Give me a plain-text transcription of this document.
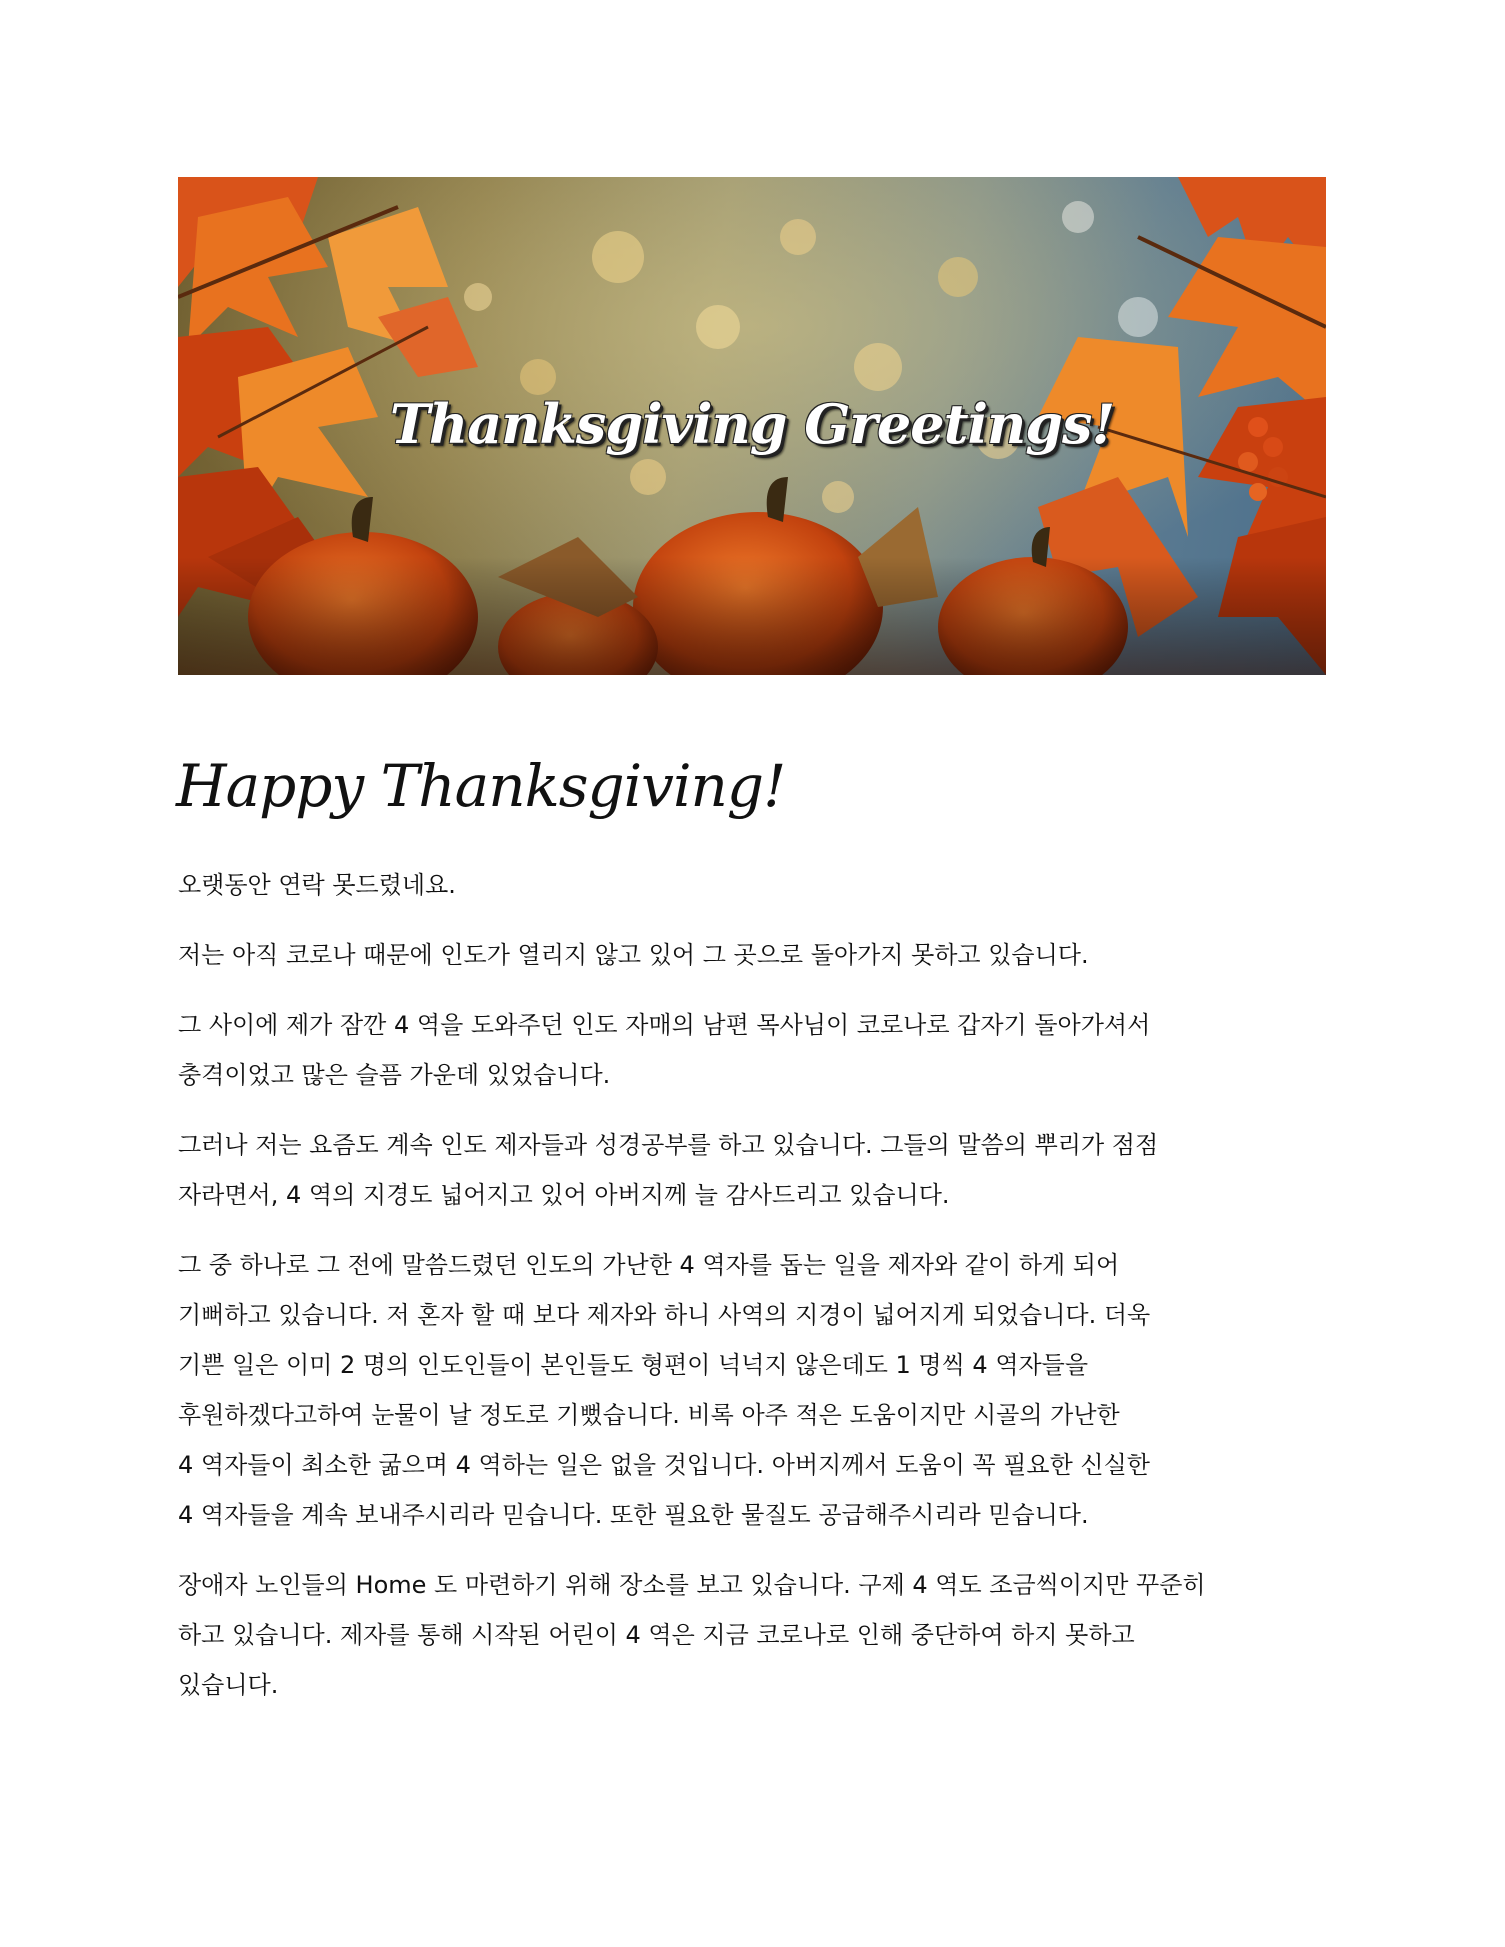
Thanksgiving Greetings!
Happy Thanksgiving!
오랫동안 연락 못드렸네요.
저는 아직 코로나 때문에 인도가 열리지 않고 있어 그 곳으로 돌아가지 못하고 있습니다.
그 사이에 제가 잠깐 4 역을 도와주던 인도 자매의 남편 목사님이 코로나로 갑자기 돌아가셔서
충격이었고 많은 슬픔 가운데 있었습니다.
그러나 저는 요즘도 계속 인도 제자들과 성경공부를 하고 있습니다. 그들의 말씀의 뿌리가 점점
자라면서, 4 역의 지경도 넓어지고 있어 아버지께 늘 감사드리고 있습니다.
그 중 하나로 그 전에 말씀드렸던 인도의 가난한 4 역자를 돕는 일을 제자와 같이 하게 되어
기뻐하고 있습니다. 저 혼자 할 때 보다 제자와 하니 사역의 지경이 넓어지게 되었습니다. 더욱
기쁜 일은 이미 2 명의 인도인들이 본인들도 형편이 넉넉지 않은데도 1 명씩 4 역자들을
후원하겠다고하여 눈물이 날 정도로 기뻤습니다. 비록 아주 적은 도움이지만 시골의 가난한
4 역자들이 최소한 굶으며 4 역하는 일은 없을 것입니다. 아버지께서 도움이 꼭 필요한 신실한
4 역자들을 계속 보내주시리라 믿습니다. 또한 필요한 물질도 공급해주시리라 믿습니다.
장애자 노인들의 Home 도 마련하기 위해 장소를 보고 있습니다. 구제 4 역도 조금씩이지만 꾸준히
하고 있습니다. 제자를 통해 시작된 어린이 4 역은 지금 코로나로 인해 중단하여 하지 못하고
있습니다.
